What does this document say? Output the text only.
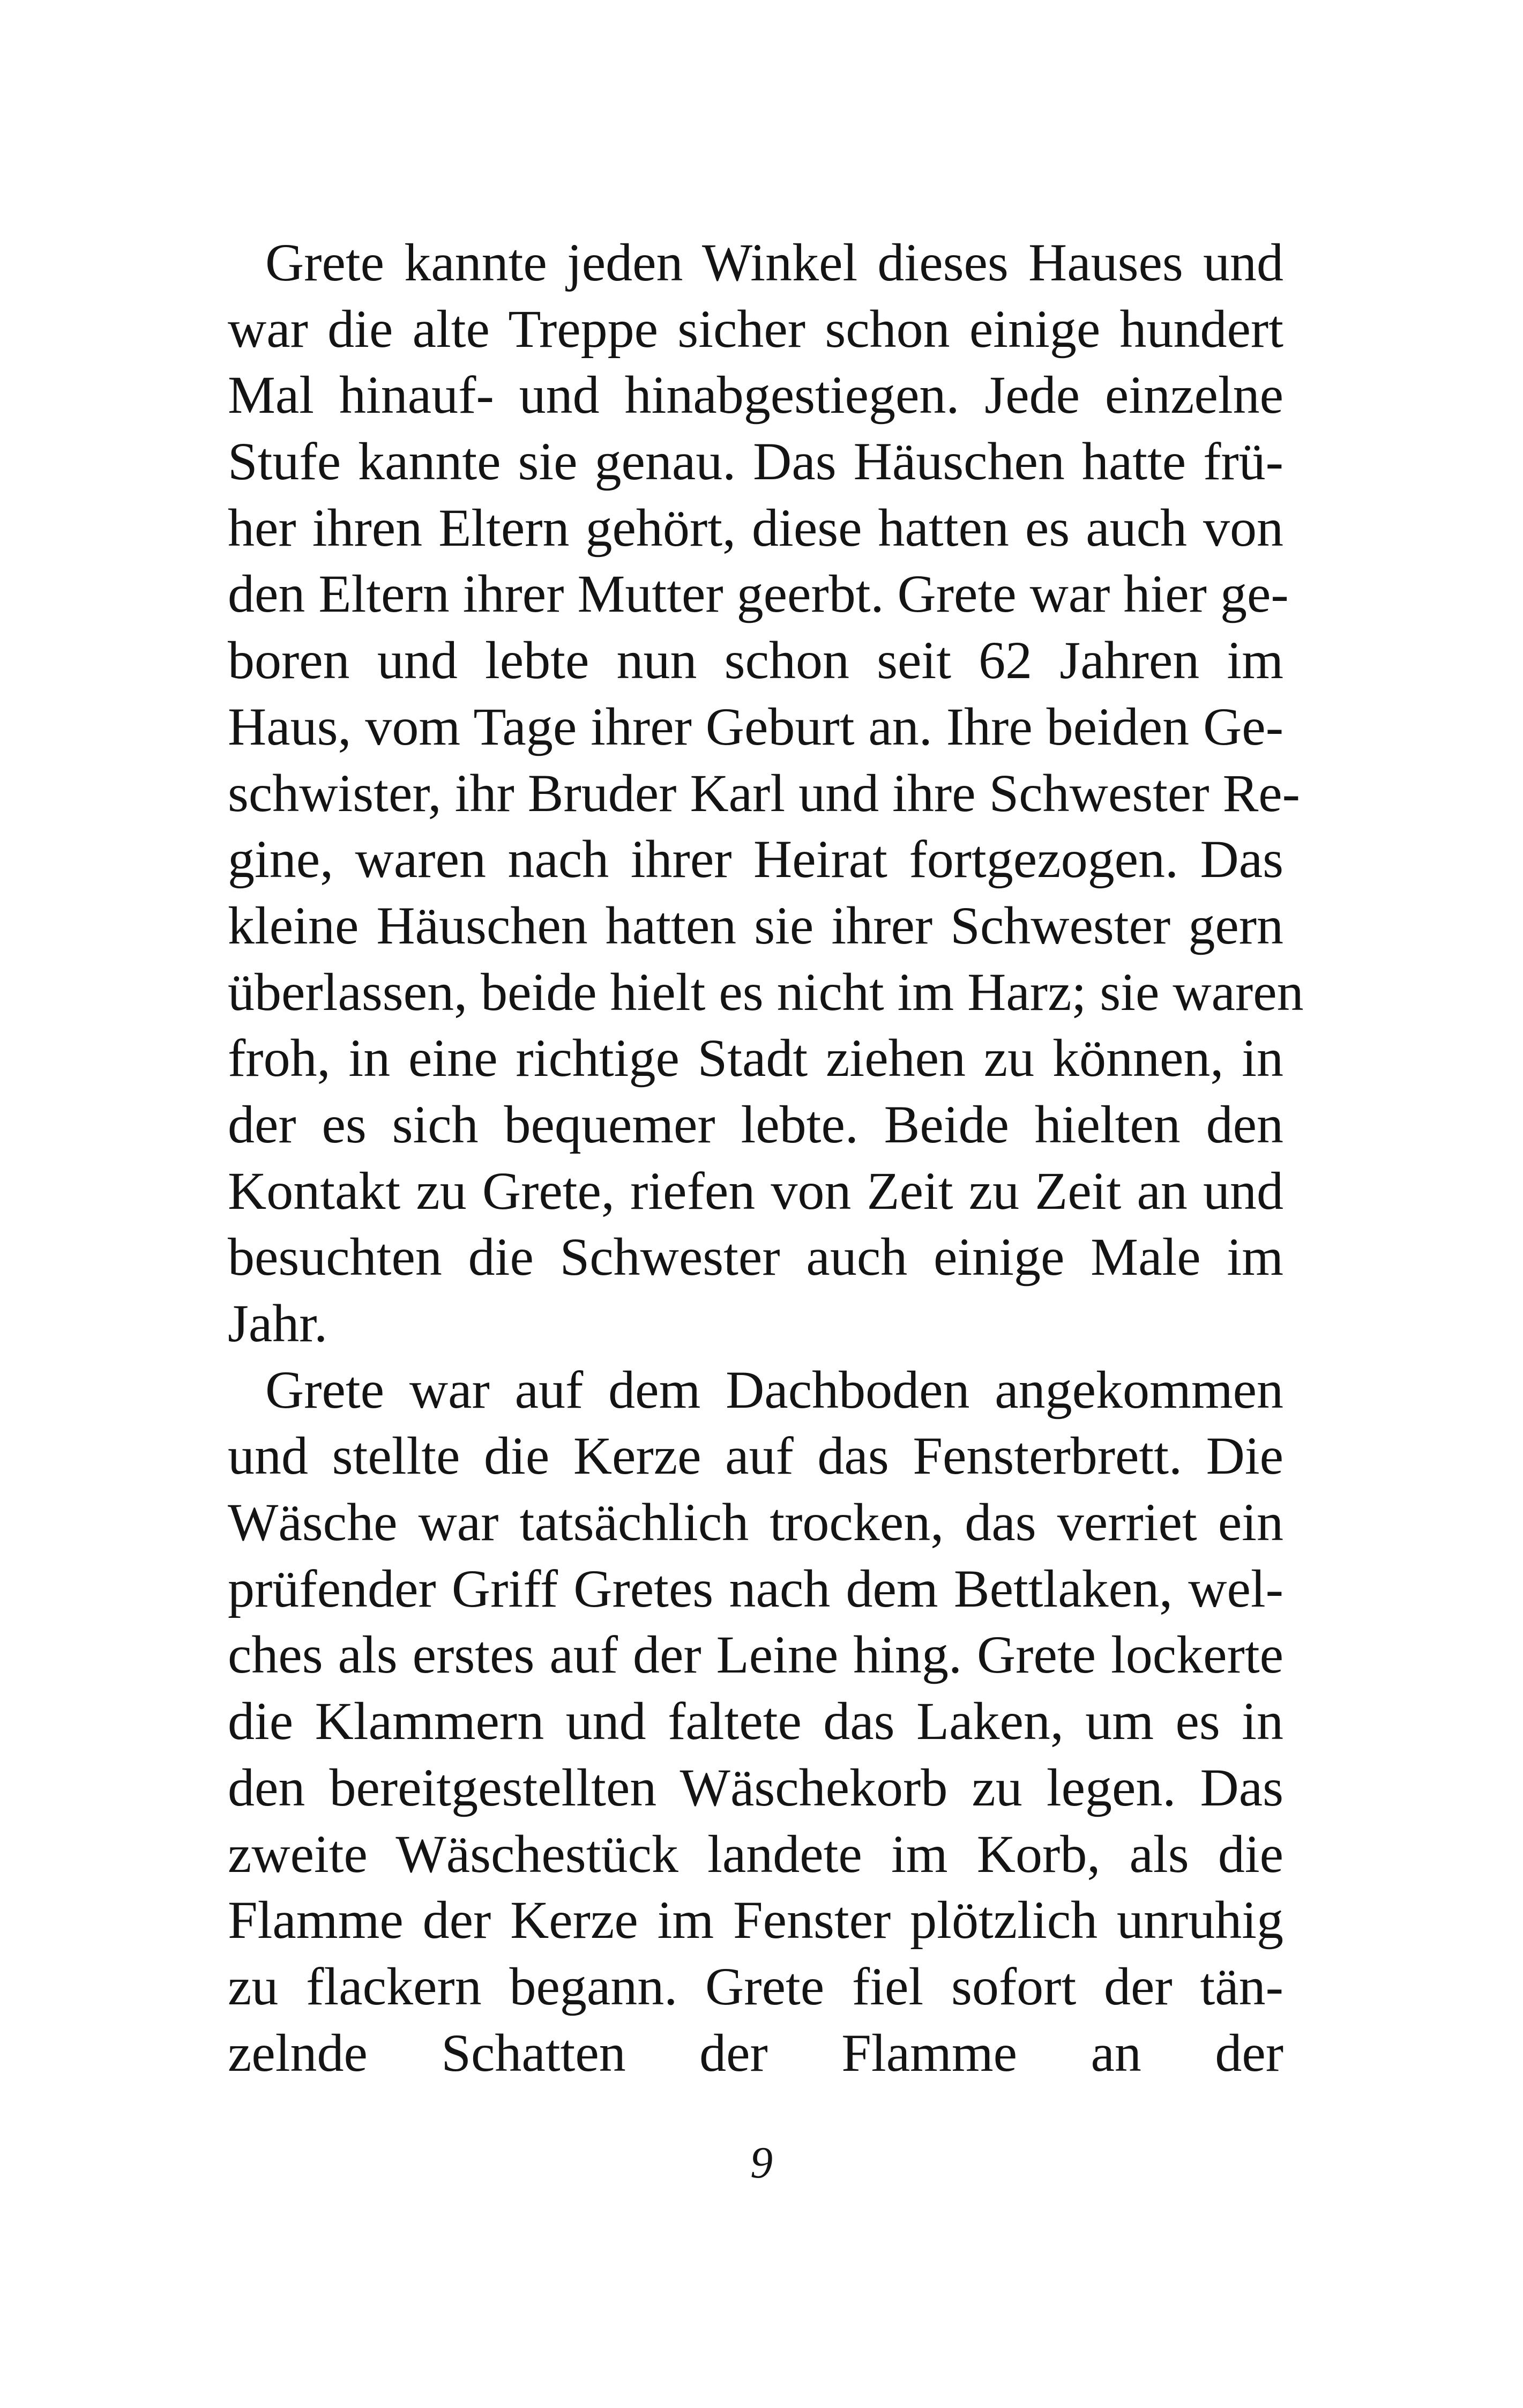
Grete kannte jeden Winkel dieses Hauses und
war die alte Treppe sicher schon einige hundert
Mal hinauf- und hinabgestiegen. Jede einzelne
Stufe kannte sie genau. Das Häuschen hatte frü-
her ihren Eltern gehört, diese hatten es auch von
den Eltern ihrer Mutter geerbt. Grete war hier ge-
boren und lebte nun schon seit 62 Jahren im
Haus, vom Tage ihrer Geburt an. Ihre beiden Ge-
schwister, ihr Bruder Karl und ihre Schwester Re-
gine, waren nach ihrer Heirat fortgezogen. Das
kleine Häuschen hatten sie ihrer Schwester gern
überlassen, beide hielt es nicht im Harz; sie waren
froh, in eine richtige Stadt ziehen zu können, in
der es sich bequemer lebte. Beide hielten den
Kontakt zu Grete, riefen von Zeit zu Zeit an und
besuchten die Schwester auch einige Male im
Jahr.
Grete war auf dem Dachboden angekommen
und stellte die Kerze auf das Fensterbrett. Die
Wäsche war tatsächlich trocken, das verriet ein
prüfender Griff Gretes nach dem Bettlaken, wel-
ches als erstes auf der Leine hing. Grete lockerte
die Klammern und faltete das Laken, um es in
den bereitgestellten Wäschekorb zu legen. Das
zweite Wäschestück landete im Korb, als die
Flamme der Kerze im Fenster plötzlich unruhig
zu flackern begann. Grete fiel sofort der tän-
zelnde Schatten der Flamme an der
9
